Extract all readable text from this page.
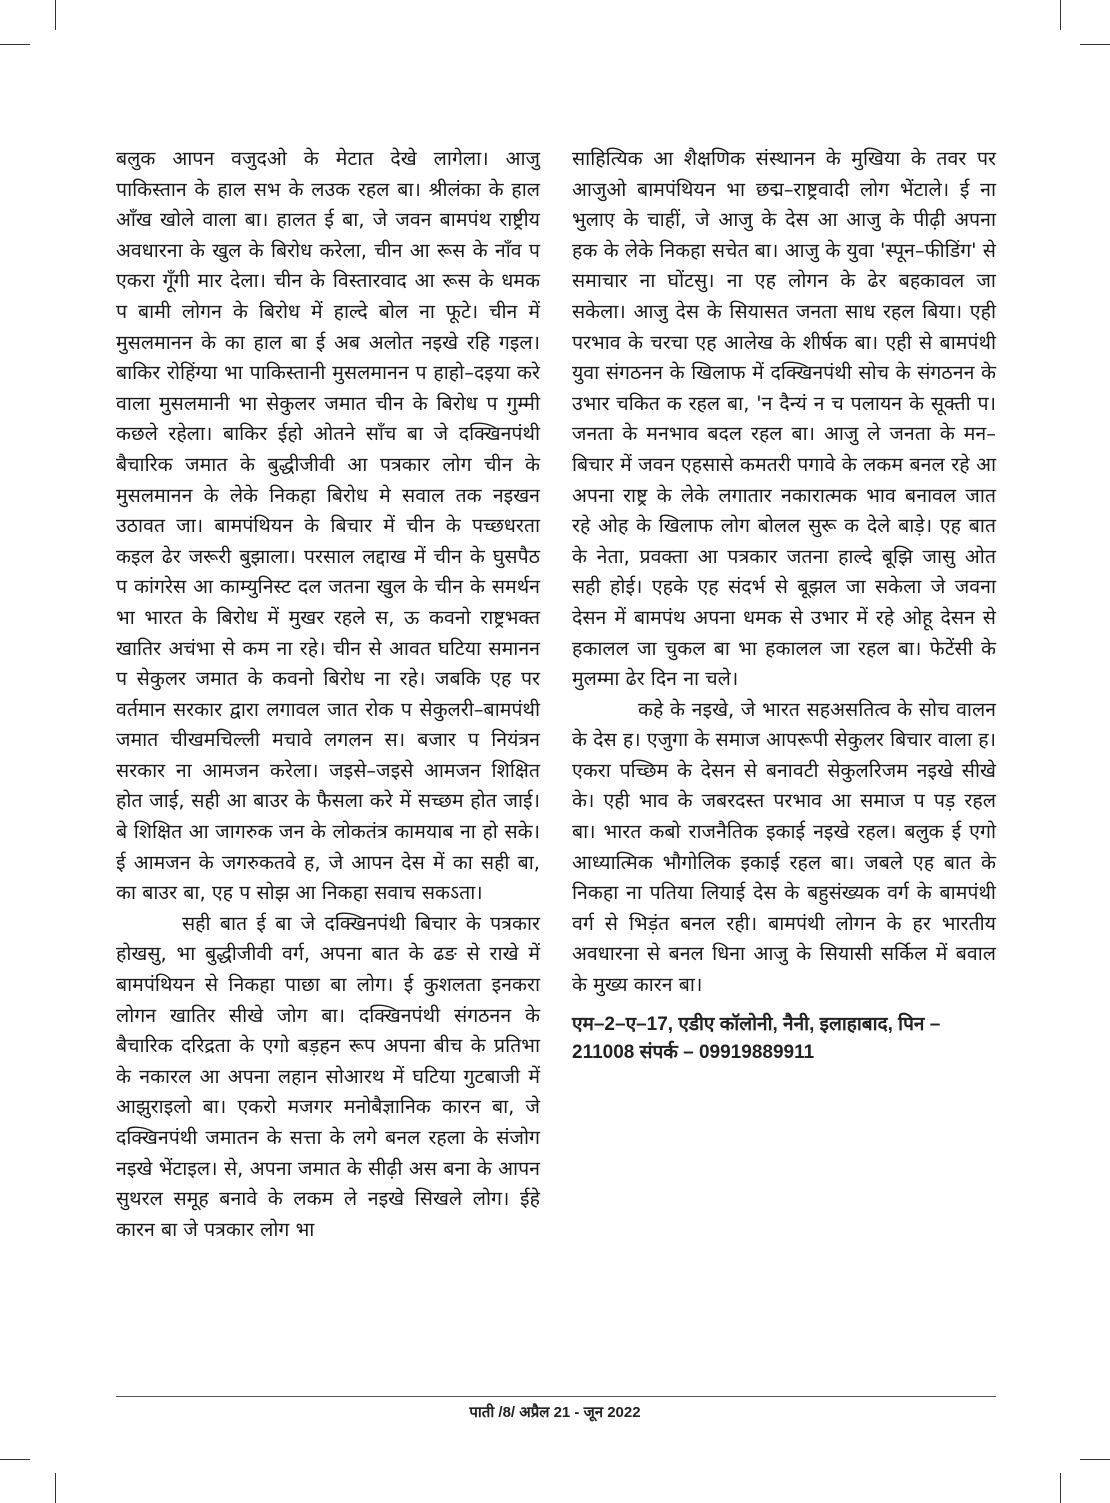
बलुक आपन वजुदओ के मेटात देखे लागेला। आजु पाकिस्तान के हाल सभ के लउक रहल बा। श्रीलंका के हाल आँख खोले वाला बा। हालत ई बा, जे जवन बामपंथ राष्ट्रीय अवधारना के खुल के बिरोध करेला, चीन आ रूस के नाँव प एकरा गूँगी मार देला। चीन के विस्तारवाद आ रूस के धमक प बामी लोगन के बिरोध में हाल्दे बोल ना फूटे। चीन में मुसलमानन के का हाल बा ई अब अलोत नइखे रहि गइल। बाकिर रोहिंग्या भा पाकिस्तानी मुसलमानन प हाहो–दइया करे वाला मुसलमानी भा सेकुलर जमात चीन के बिरोध प गुम्मी कछले रहेला। बाकिर ईहो ओतने साँच बा जे दक्खिनपंथी बैचारिक जमात के बुद्धीजीवी आ पत्रकार लोग चीन के मुसलमानन के लेके निकहा बिरोध मे सवाल तक नइखन उठावत जा। बामपंथियन के बिचार में चीन के पच्छधरता कइल ढेर जरूरी बुझाला। परसाल लद्दाख में चीन के घुसपैठ प कांगरेस आ काम्युनिस्ट दल जतना खुल के चीन के समर्थन भा भारत के बिरोध में मुखर रहले स, ऊ कवनो राष्ट्रभक्त खातिर अचंभा से कम ना रहे। चीन से आवत घटिया समानन प सेकुलर जमात के कवनो बिरोध ना रहे। जबकि एह पर वर्तमान सरकार द्वारा लगावल जात रोक प सेकुलरी–बामपंथी जमात चीखमचिल्ली मचावे लगलन स। बजार प नियंत्रन सरकार ना आमजन करेला। जइसे–जइसे आमजन शिक्षित होत जाई, सही आ बाउर के फैसला करे में सच्छम होत जाई। बे शिक्षित आ जागरुक जन के लोकतंत्र कामयाब ना हो सके। ई आमजन के जगरुकतवे ह, जे आपन देस में का सही बा, का बाउर बा, एह प सोझ आ निकहा सवाच सकऽता।

सही बात ई बा जे दक्खिनपंथी बिचार के पत्रकार होखसु, भा बुद्धीजीवी वर्ग, अपना बात के ढङ से राखे में बामपंथियन से निकहा पाछा बा लोग। ई कुशलता इनकरा लोगन खातिर सीखे जोग बा। दक्खिनपंथी संगठनन के बैचारिक दरिद्रता के एगो बड़हन रूप अपना बीच के प्रतिभा के नकारल आ अपना लहान सोआरथ में घटिया गुटबाजी में आझुराइलो बा। एकरो मजगर मनोबैज्ञानिक कारन बा, जे दक्खिनपंथी जमातन के सत्ता के लगे बनल रहला के संजोग नइखे भेंटाइल। से, अपना जमात के सीढ़ी अस बना के आपन सुथरल समूह बनावे के लकम ले नइखे सिखले लोग। ईहे कारन बा जे पत्रकार लोग भा

साहित्यिक आ शैक्षणिक संस्थानन के मुखिया के तवर पर आजुओ बामपंथियन भा छद्म–राष्ट्रवादी लोग भेंटाले। ई ना भुलाए के चाहीं, जे आजु के देस आ आजु के पीढ़ी अपना हक के लेके निकहा सचेत बा। आजु के युवा 'स्पून–फीडिंग' से समाचार ना घोंटसु। ना एह लोगन के ढेर बहकावल जा सकेला। आजु देस के सियासत जनता साध रहल बिया। एही परभाव के चरचा एह आलेख के शीर्षक बा। एही से बामपंथी युवा संगठनन के खिलाफ में दक्खिनपंथी सोच के संगठनन के उभार चकित क रहल बा, 'न दैन्यं न च पलायन के सूक्ती प। जनता के मनभाव बदल रहल बा। आजु ले जनता के मन–बिचार में जवन एहसासे कमतरी पगावे के लकम बनल रहे आ अपना राष्ट्र के लेके लगातार नकारात्मक भाव बनावल जात रहे ओह के खिलाफ लोग बोलल सुरू क देले बाड़े। एह बात के नेता, प्रवक्ता आ पत्रकार जतना हाल्दे बूझि जासु ओत सही होई। एहके एह संदर्भ से बूझल जा सकेला जे जवना देसन में बामपंथ अपना धमक से उभार में रहे ओहू देसन से हकालल जा चुकल बा भा हकालल जा रहल बा। फेटेंसी के मुलम्मा ढेर दिन ना चले।

कहे के नइखे, जे भारत सहअसतित्व के सोच वालन के देस ह। एजुगा के समाज आपरूपी सेकुलर बिचार वाला ह। एकरा पच्छिम के देसन से बनावटी सेकुलरिजम नइखे सीखे के। एही भाव के जबरदस्त परभाव आ समाज प पड़ रहल बा। भारत कबो राजनैतिक इकाई नइखे रहल। बलुक ई एगो आध्यात्मिक भौगोलिक इकाई रहल बा। जबले एह बात के निकहा ना पतिया लियाई देस के बहुसंख्यक वर्ग के बामपंथी वर्ग से भिड़ंत बनल रही। बामपंथी लोगन के हर भारतीय अवधारना से बनल धिना आजु के सियासी सर्किल में बवाल के मुख्य कारन बा।

एम–2–ए–17, एडीए कॉलोनी, नैनी, इलाहाबाद, पिन – 211008 संपर्क – 09919889911

पाती /8/ अप्रैल 21 - जून 2022
